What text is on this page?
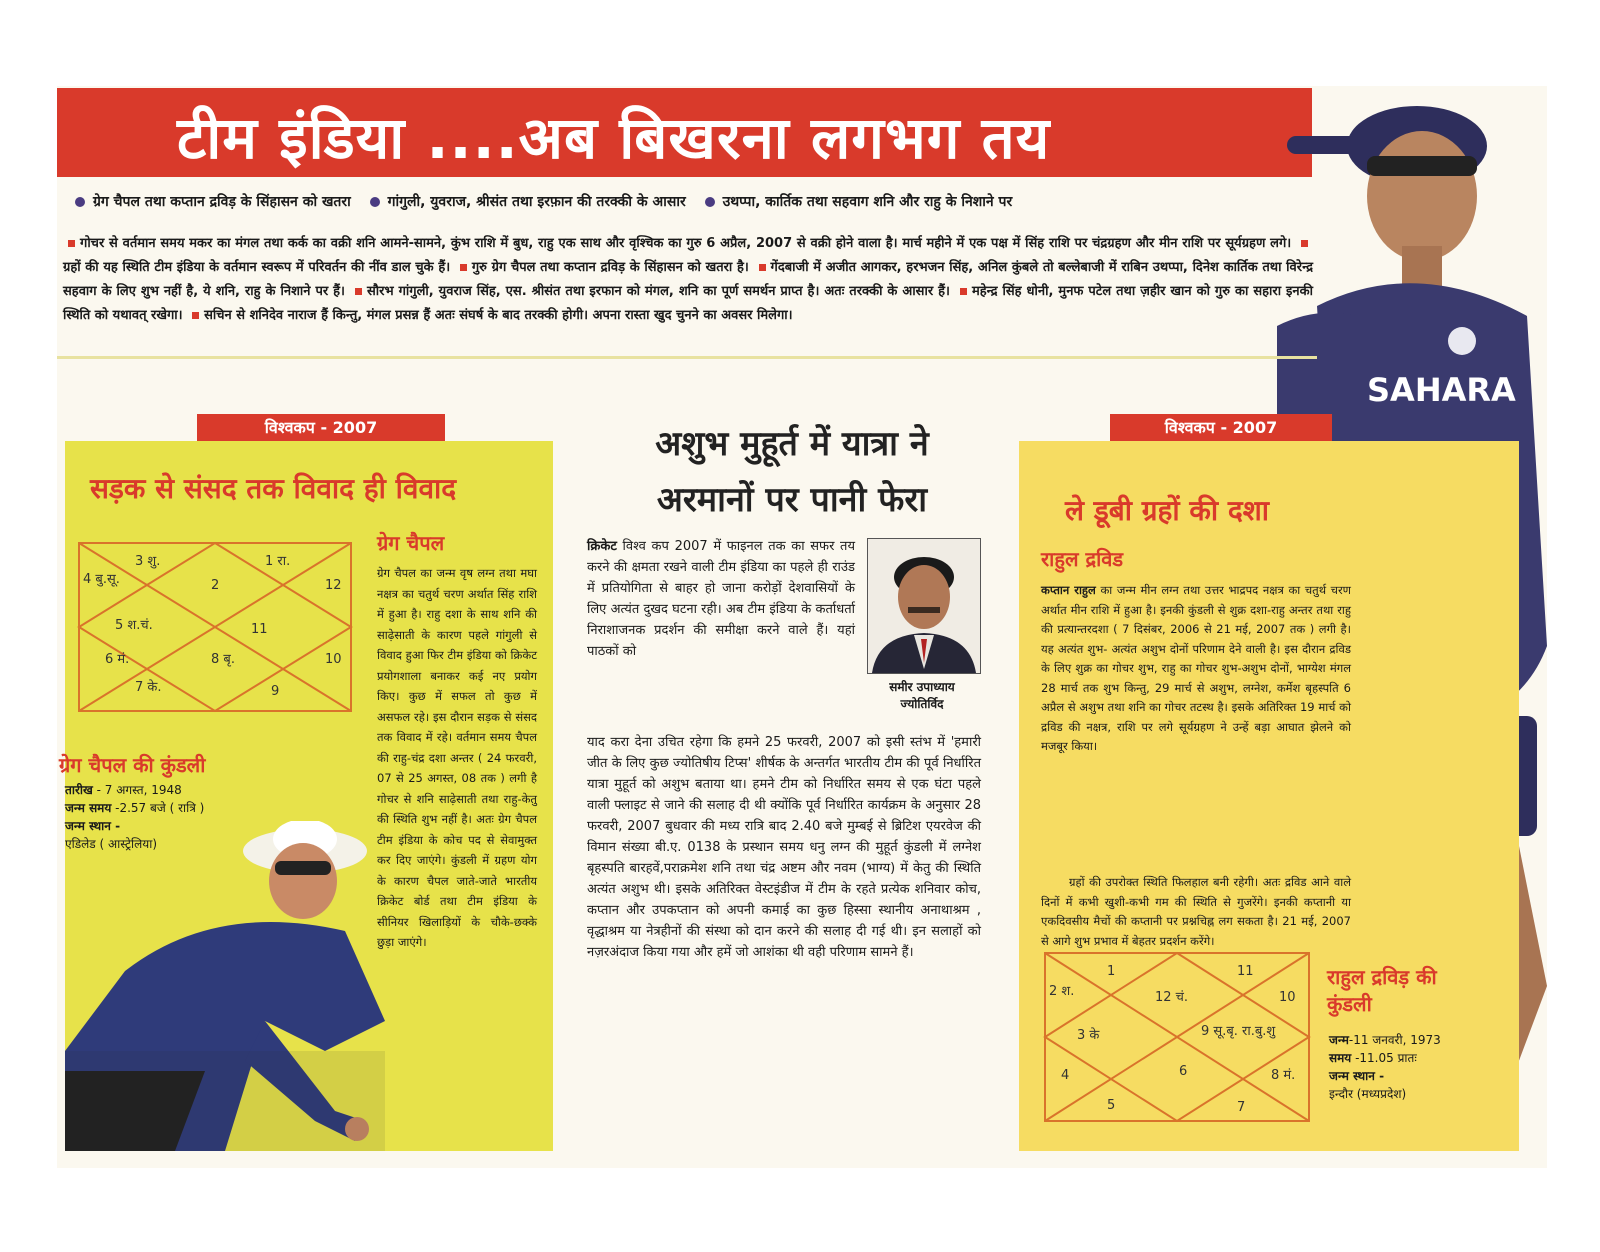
टीम इंडिया ....अब बिखरना लगभग तय
SAHARA
ग्रेग चैपल तथा कप्तान द्रविड़ के सिंहासन को खतरा	गांगुली, युवराज, श्रीसंत तथा इरफ़ान की तरक्की के आसार	उथप्पा, कार्तिक तथा सहवाग शनि और राहु के निशाने पर
गोचर से वर्तमान समय मकर का मंगल तथा कर्क का वक्री शनि आमने-सामने, कुंभ राशि में बुध, राहु एक साथ और वृश्चिक का गुरु 6 अप्रैल, 2007 से वक्री होने वाला है। मार्च महीने में एक पक्ष में सिंह राशि पर चंद्रग्रहण और मीन राशि पर सूर्यग्रहण लगे। ग्रहों की यह स्थिति टीम इंडिया के वर्तमान स्वरूप में परिवर्तन की नींव डाल चुके हैं। गुरु ग्रेग चैपल तथा कप्तान द्रविड़ के सिंहासन को खतरा है। गेंदबाजी में अजीत आगकर, हरभजन सिंह, अनिल कुंबले तो बल्लेबाजी में राबिन उथप्पा, दिनेश कार्तिक तथा विरेन्द्र सहवाग के लिए शुभ नहीं है, ये शनि, राहु के निशाने पर हैं। सौरभ गांगुली, युवराज सिंह, एस. श्रीसंत तथा इरफान को मंगल, शनि का पूर्ण समर्थन प्राप्त है। अतः तरक्की के आसार हैं। महेन्द्र सिंह धोनी, मुनफ पटेल तथा ज़हीर खान को गुरु का सहारा इनकी स्थिति को यथावत् रखेगा। सचिन से शनिदेव नाराज हैं किन्तु, मंगल प्रसन्न हैं अतः संघर्ष के बाद तरक्की होगी। अपना रास्ता खुद चुनने का अवसर मिलेगा।
विश्वकप - 2007
सड़क से संसद तक विवाद ही विवाद
3 शु.	1 रा.
4 बु.सू.	2	12
5 श.चं.	11
6 मं.	8 बृ.	10
7 के.	9
ग्रेग चैपल
ग्रेग चैपल का जन्म वृष लग्न तथा मघा नक्षत्र का चतुर्थ चरण अर्थात सिंह राशि में हुआ है। राहु दशा के साथ शनि की साढ़ेसाती के कारण पहले गांगुली से विवाद हुआ फिर टीम इंडिया को क्रिकेट प्रयोगशाला बनाकर कई नए प्रयोग किए। कुछ में सफल तो कुछ में असफल रहे। इस दौरान सड़क से संसद तक विवाद में रहे। वर्तमान समय चैपल की राहु-चंद्र दशा अन्तर ( 24 फरवरी, 07 से 25 अगस्त, 08 तक ) लगी है गोचर से शनि साढ़ेसाती तथा राहु-केतु की स्थिति शुभ नहीं है। अतः ग्रेग चैपल टीम इंडिया के कोच पद से सेवामुक्त कर दिए जाएंगे। कुंडली में ग्रहण योग के कारण चैपल जाते-जाते भारतीय क्रिकेट बोर्ड तथा टीम इंडिया के सीनियर खिलाड़ियों के चौके-छक्के छुड़ा जाएंगे।
ग्रेग चैपल की कुंडली
तारीख - 7 अगस्त, 1948
जन्म समय -2.57 बजे ( रात्रि )
जन्म स्थान -
एडिलेड ( आस्ट्रेलिया)
अशुभ मुहूर्त में यात्रा ने
अरमानों पर पानी फेरा
क्रिकेट विश्व कप 2007 में फाइनल तक का सफर तय करने की क्षमता रखने वाली टीम इंडिया का पहले ही राउंड में प्रतियोगिता से बाहर हो जाना करोड़ों देशवासियों के लिए अत्यंत दुखद घटना रही। अब टीम इंडिया के कर्ताधर्ता निराशाजनक प्रदर्शन की समीक्षा करने वाले हैं। यहां पाठकों को
समीर उपाध्याय
ज्योतिर्विद
याद करा देना उचित रहेगा कि हमने 25 फरवरी, 2007 को इसी स्तंभ में 'हमारी जीत के लिए कुछ ज्योतिषीय टिप्स' शीर्षक के अन्तर्गत भारतीय टीम की पूर्व निर्धारित यात्रा मुहूर्त को अशुभ बताया था। हमने टीम को निर्धारित समय से एक घंटा पहले वाली फ्लाइट से जाने की सलाह दी थी क्योंकि पूर्व निर्धारित कार्यक्रम के अनुसार 28 फरवरी, 2007 बुधवार की मध्य रात्रि बाद 2.40 बजे मुम्बई से ब्रिटिश एयरवेज की विमान संख्या बी.ए. 0138 के प्रस्थान समय धनु लग्न की मुहूर्त कुंडली में लग्नेश बृहस्पति बारहवें,पराक्रमेश शनि तथा चंद्र अष्टम और नवम (भाग्य) में केतु की स्थिति अत्यंत अशुभ थी। इसके अतिरिक्त वेस्टइंडीज में टीम के रहते प्रत्येक शनिवार कोच, कप्तान और उपकप्तान को अपनी कमाई का कुछ हिस्सा स्थानीय अनाथाश्रम , वृद्धाश्रम या नेत्रहीनों की संस्था को दान करने की सलाह दी गई थी। इन सलाहों को नज़रअंदाज किया गया और हमें जो आशंका थी वही परिणाम सामने हैं।
विश्वकप - 2007
ले डूबी ग्रहों की दशा
राहुल द्रविड
कप्तान राहुल का जन्म मीन लग्न तथा उत्तर भाद्रपद नक्षत्र का चतुर्थ चरण अर्थात मीन राशि में हुआ है। इनकी कुंडली से शुक्र दशा-राहु अन्तर तथा राहु की प्रत्यान्तरदशा ( 7 दिसंबर, 2006 से 21 मई, 2007 तक ) लगी है। यह अत्यंत शुभ- अत्यंत अशुभ दोनों परिणाम देने वाली है। इस दौरान द्रविड के लिए शुक्र का गोचर शुभ, राहु का गोचर शुभ-अशुभ दोनों, भाग्येश मंगल 28 मार्च तक शुभ किन्तु, 29 मार्च से अशुभ, लग्नेश, कर्मेश बृहस्पति 6 अप्रैल से अशुभ तथा शनि का गोचर तटस्थ है। इसके अतिरिक्त 19 मार्च को द्रविड की नक्षत्र, राशि पर लगे सूर्यग्रहण ने उन्हें बड़ा आघात झेलने को मजबूर किया।
ग्रहों की उपरोक्त स्थिति फिलहाल बनी रहेगी। अतः द्रविड आने वाले दिनों में कभी खुशी-कभी गम की स्थिति से गुजरेंगे। इनकी कप्तानी या एकदिवसीय मैचों की कप्तानी पर प्रश्नचिह्न लग सकता है। 21 मई, 2007 से आगे शुभ प्रभाव में बेहतर प्रदर्शन करेंगे।
1	11
2 श.	12 चं.	10
3 के	9 सू.बृ. रा.बु.शु
4	6	8 मं.
5	7
राहुल द्रविड़ की
कुंडली
जन्म-11 जनवरी, 1973
समय -11.05 प्रातः
जन्म स्थान -
इन्दौर (मध्यप्रदेश)
